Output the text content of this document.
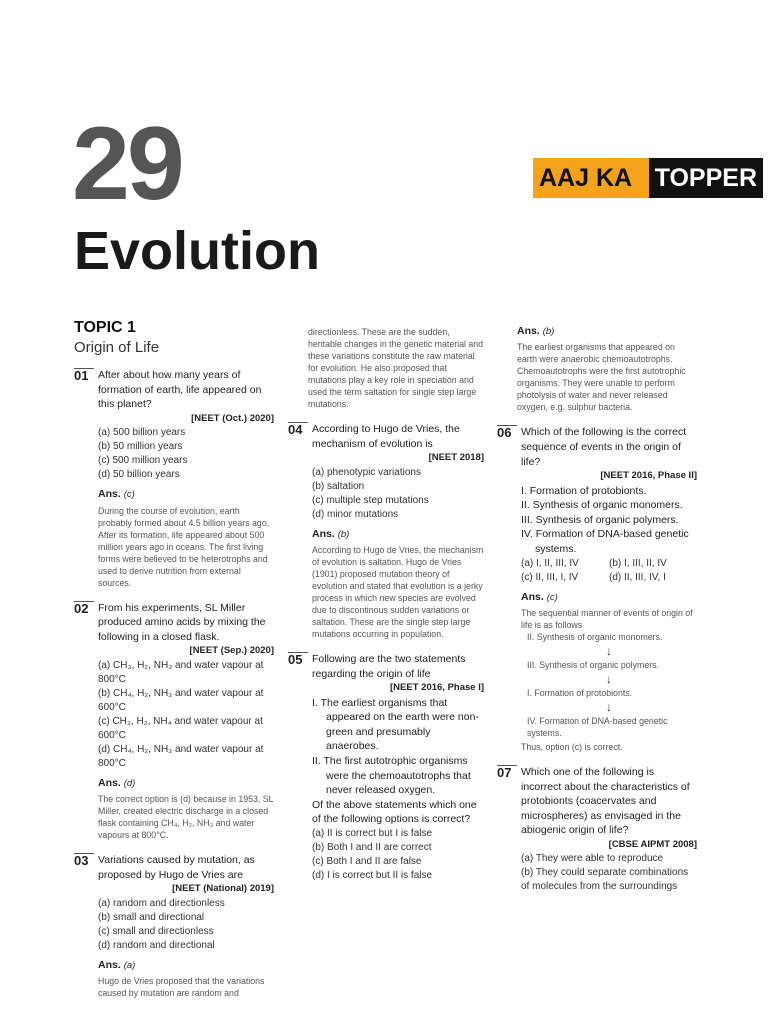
29
Evolution
AAJ KA TOPPER

TOPIC 1

Origin of Life

01 After about how many years of formation of earth, life appeared on this planet?
[NEET (Oct.) 2020]
(a) 500 billion years
(b) 50 million years
(c) 500 million years
(d) 50 billion years
Ans. (c)
During the course of evolution, earth probably formed about 4.5 billion years ago. After its formation, life appeared about 500 million years ago in oceans. The first living forms were believed to be heterotrophs and used to derive nutrition from external sources.
02 From his experiments, SL Miller produced amino acids by mixing the following in a closed flask.
[NEET (Sep.) 2020]
(a) CH₃, H₂, NH₃ and water vapour at 800°C
(b) CH₄, H₂, NH₃ and water vapour at 600°C
(c) CH₃, H₂, NH₄ and water vapour at 600°C
(d) CH₄, H₂, NH₃ and water vapour at 800°C
Ans. (d)
The correct option is (d) because in 1953, SL Miller, created electric discharge in a closed flask containing CH₄, H₂, NH₃ and water vapours at 800°C.
03 Variations caused by mutation, as proposed by Hugo de Vries are
[NEET (National) 2019]
(a) random and directionless
(b) small and directional
(c) small and directionless
(d) random and directional
Ans. (a)
Hugo de Vries proposed that the variations caused by mutation are random and
directionless. These are the sudden, heritable changes in the genetic material and these variations constitute the raw material for evolution. He also proposed that mutations play a key role in speciation and used the term saltation for single step large mutations.
04 According to Hugo de Vries, the mechanism of evolution is
[NEET 2018]
(a) phenotypic variations
(b) saltation
(c) multiple step mutations
(d) minor mutations
Ans. (b)
According to Hugo de Vries, the mechanism of evolution is saltation. Hugo de Vries (1901) proposed mutation theory of evolution and stated that evolution is a jerky process in which new species are evolved due to discontinous sudden variations or saltation. These are the single step large mutations occurring in population.
05 Following are the two statements regarding the origin of life
[NEET 2016, Phase I]
I. The earliest organisms that appeared on the earth were non-green and presumably anaerobes.
II. The first autotrophic organisms were the chemoautotrophs that never released oxygen.
Of the above statements which one of the following options is correct?
(a) II is correct but I is false
(b) Both I and II are correct
(c) Both I and II are false
(d) I is correct but II is false
Ans. (b)
The earliest organisms that appeared on earth were anaerobic chemoautotrophs. Chemoautotrophs were the first autotrophic organisms. They were unable to perform photolysis of water and never released oxygen, e.g. sulphur bacteria.
06 Which of the following is the correct sequence of events in the origin of life?
[NEET 2016, Phase II]
I. Formation of protobionts.
II. Synthesis of organic monomers.
III. Synthesis of organic polymers.
IV. Formation of DNA-based genetic systems.
(a) I, II, III, IV	(b) I, III, II, IV
(c) II, III, I, IV	(d) II, III, IV, I
Ans. (c)
The sequential manner of events of origin of life is as follows
II. Synthesis of organic monomers.
↓
III. Synthesis of organic polymers.
↓
I. Formation of protobionts.
↓
IV. Formation of DNA-based genetic systems.
Thus, option (c) is correct.
07 Which one of the following is incorrect about the characteristics of protobionts (coacervates and microspheres) as envisaged in the abiogenic origin of life?
[CBSE AIPMT 2008]
(a) They were able to reproduce
(b) They could separate combinations of molecules from the surroundings
